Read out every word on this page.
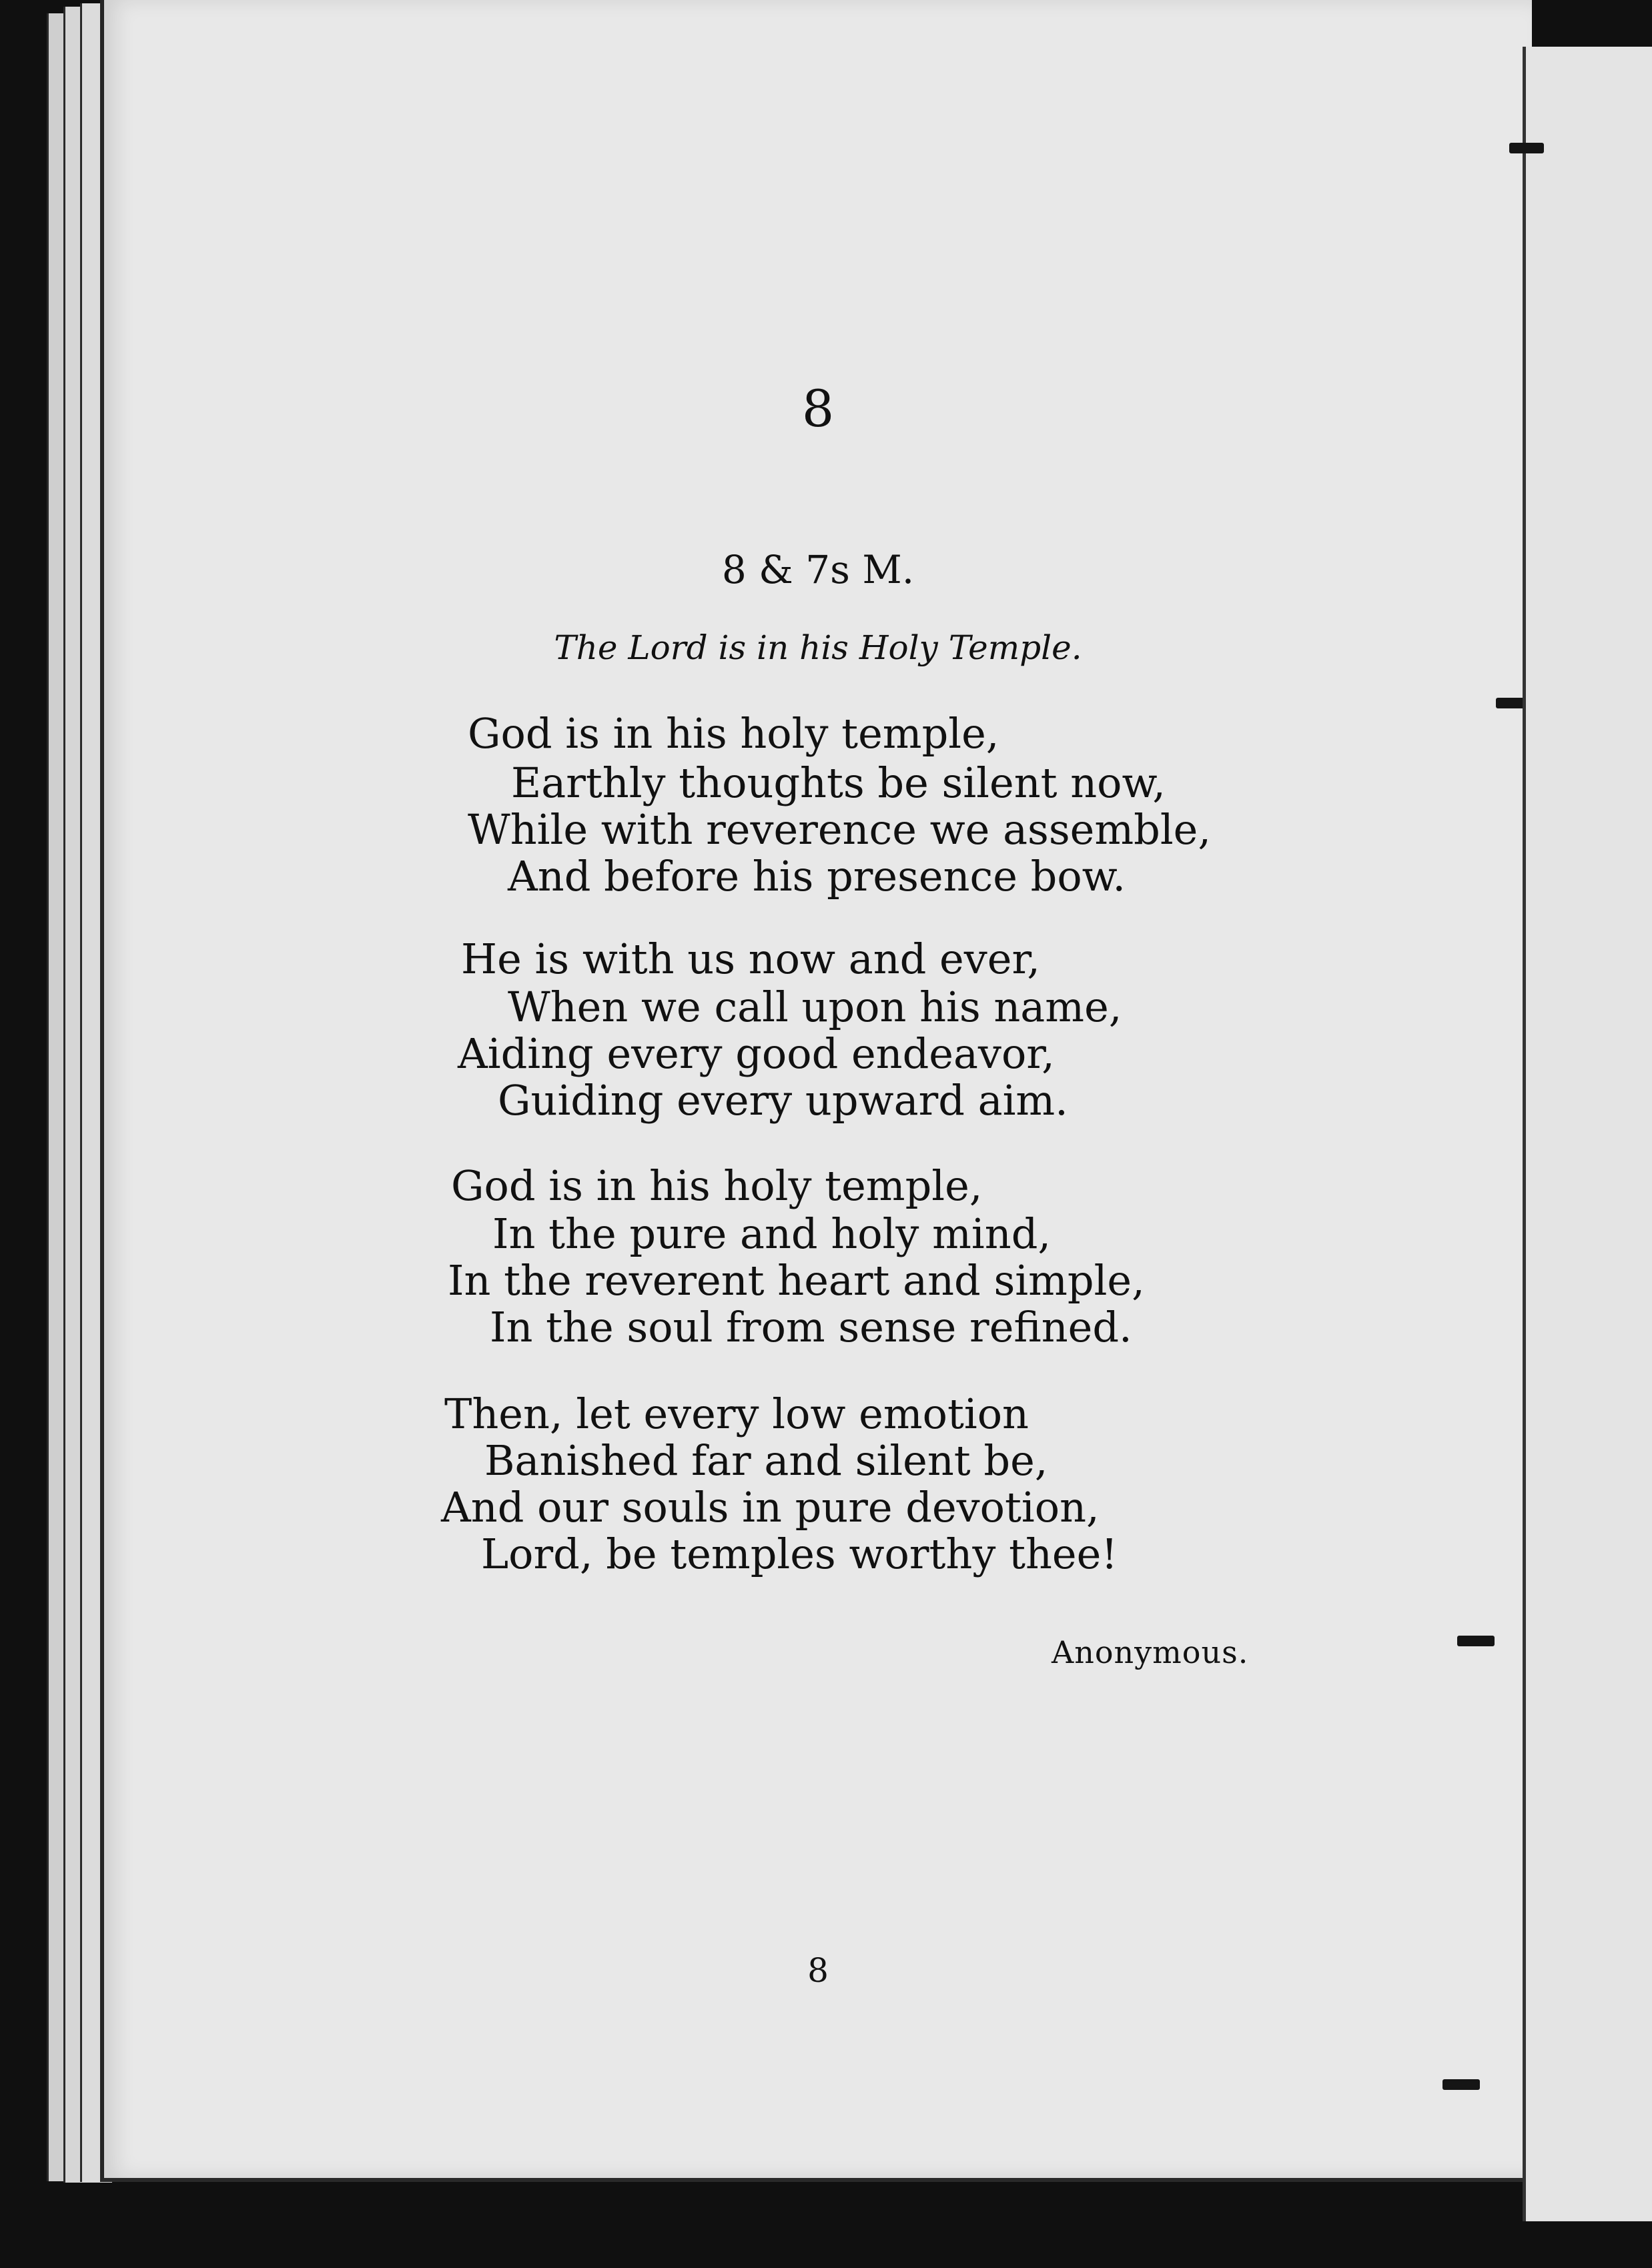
8
8 & 7s M.
The Lord is in his Holy Temple.

God is in his holy temple,

Earthly thoughts be silent now,

While with reverence we assemble,

And before his presence bow.

He is with us now and ever,

When we call upon his name,

Aiding every good endeavor,

Guiding every upward aim.

God is in his holy temple,

In the pure and holy mind,

In the reverent heart and simple,

In the soul from sense refined.

Then, let every low emotion

Banished far and silent be,

And our souls in pure devotion,

Lord, be temples worthy thee!

Anonymous.
8
